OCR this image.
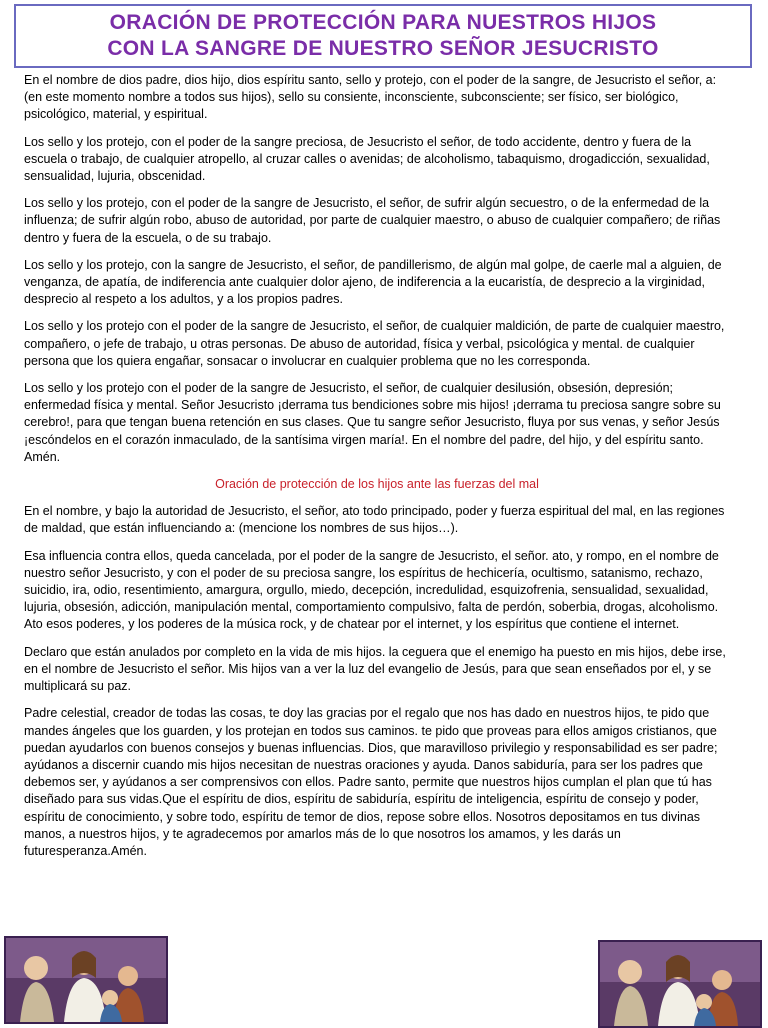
ORACIÓN DE PROTECCIÓN PARA NUESTROS HIJOS
CON LA SANGRE DE NUESTRO SEÑOR JESUCRISTO

En el nombre de dios padre, dios hijo, dios espíritu santo, sello y protejo, con el poder de la sangre, de Jesucristo el señor, a: (en este momento nombre a todos sus hijos), sello su consiente, inconsciente, subconsciente; ser físico, ser biológico, psicológico, material, y espiritual.

Los sello y los protejo, con el poder de la sangre preciosa, de Jesucristo el señor, de todo accidente, dentro y fuera de la escuela o trabajo, de cualquier atropello, al cruzar calles o avenidas; de alcoholismo, tabaquismo, drogadicción, sexualidad, sensualidad, lujuria, obscenidad.

Los sello y los protejo, con el poder de la sangre de Jesucristo, el señor, de sufrir algún secuestro, o de la enfermedad de la influenza; de sufrir algún robo, abuso de autoridad, por parte de cualquier maestro, o abuso de cualquier compañero; de riñas dentro y fuera de la escuela, o de su trabajo.

Los sello y los protejo, con la sangre de Jesucristo, el señor, de pandillerismo, de algún mal golpe, de caerle mal a alguien, de venganza, de apatía, de indiferencia ante cualquier dolor ajeno, de indiferencia a la eucaristía, de desprecio a la virginidad, desprecio al respeto a los adultos, y a los propios padres.

Los sello y los protejo con el poder de la sangre de Jesucristo, el señor, de cualquier maldición, de parte de cualquier maestro, compañero, o jefe de trabajo, u otras personas. De abuso de autoridad, física y verbal, psicológica y mental. de cualquier persona que los quiera engañar, sonsacar o involucrar en cualquier problema que no les corresponda.

Los sello y los protejo con el poder de la sangre de Jesucristo, el señor, de cualquier desilusión, obsesión, depresión; enfermedad física y mental. Señor Jesucristo ¡derrama tus bendiciones sobre mis hijos! ¡derrama tu preciosa sangre sobre su cerebro!, para que tengan buena retención en sus clases. Que tu sangre señor Jesucristo, fluya por sus venas, y señor Jesús ¡escóndelos en el corazón inmaculado, de la santísima virgen maría!. En el nombre del padre, del hijo, y del espíritu santo. Amén.

Oración de protección de los hijos ante las fuerzas del mal

En el nombre, y bajo la autoridad de Jesucristo, el señor, ato todo principado, poder y fuerza espiritual del mal, en las regiones de maldad, que están influenciando a: (mencione los nombres de sus hijos…).

Esa influencia contra ellos, queda cancelada, por el poder de la sangre de Jesucristo, el señor. ato, y rompo, en el nombre de nuestro señor Jesucristo, y con el poder de su preciosa sangre, los espíritus de hechicería, ocultismo, satanismo, rechazo, suicidio, ira, odio, resentimiento, amargura, orgullo, miedo, decepción, incredulidad, esquizofrenia, sensualidad, sexualidad, lujuria, obsesión, adicción, manipulación mental, comportamiento compulsivo, falta de perdón, soberbia, drogas, alcoholismo. Ato esos poderes, y los poderes de la música rock, y de chatear por el internet, y los espíritus que contiene el internet.

Declaro que están anulados por completo en la vida de mis hijos. la ceguera que el enemigo ha puesto en mis hijos, debe irse, en el nombre de Jesucristo el señor. Mis hijos van a ver la luz del evangelio de Jesús, para que sean enseñados por el, y se multiplicará su paz.

Padre celestial, creador de todas las cosas, te doy las gracias por el regalo que nos has dado en nuestros hijos, te pido que mandes ángeles que los guarden, y los protejan en todos sus caminos. te pido que proveas para ellos amigos cristianos, que puedan ayudarlos con buenos consejos y buenas influencias. Dios, que maravilloso privilegio y responsabilidad es ser padre; ayúdanos a discernir cuando mis hijos necesitan de nuestras oraciones y ayuda. Danos sabiduría, para ser los padres que debemos ser, y ayúdanos a ser comprensivos con ellos. Padre santo, permite que nuestros hijos cumplan el plan que tú has diseñado para sus vidas.Que el espíritu de dios, espíritu de sabiduría, espíritu de inteligencia, espíritu de consejo y poder, espíritu de conocimiento, y sobre todo, espíritu de temor de dios, repose sobre ellos. Nosotros depositamos en tus divinas manos, a nuestros hijos, y te agradecemos por amarlos más de lo que nosotros los amamos, y les darás un futuresperanza.Amén.
